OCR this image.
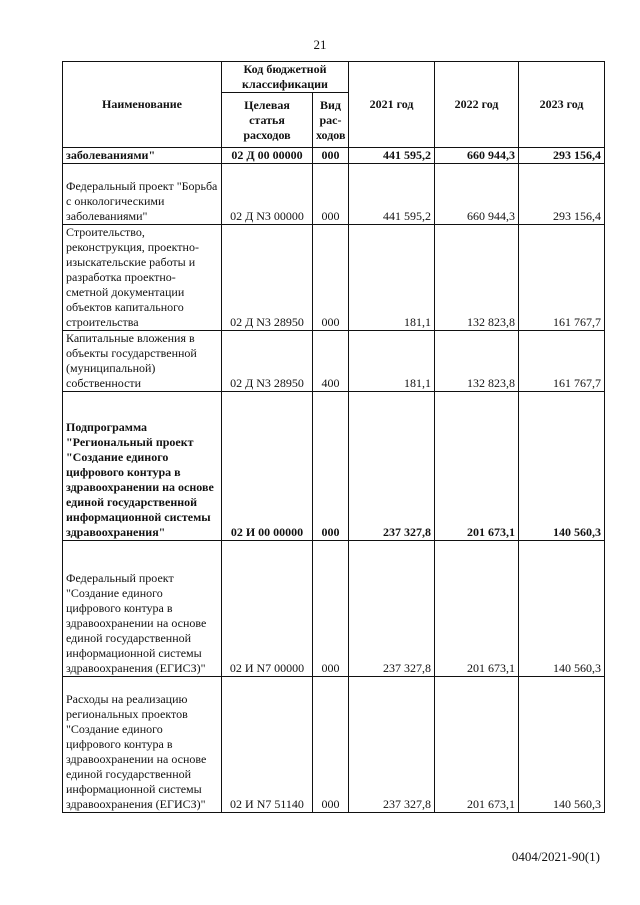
21
Наименование	Код бюджетной классификации		2021 год	2022 год	2023 год
	Целевая статья расходов	Вид рас-ходов			
заболеваниями"	02 Д 00 00000	000	441 595,2	660 944,3	293 156,4
Федеральный проект "Борьба с онкологическими заболеваниями"	02 Д N3 00000	000	441 595,2	660 944,3	293 156,4
Строительство, реконструкция, проектно-изыскательские работы и разработка проектно-сметной документации объектов капитального строительства	02 Д N3 28950	000	181,1	132 823,8	161 767,7
Капитальные вложения в объекты государственной (муниципальной) собственности	02 Д N3 28950	400	181,1	132 823,8	161 767,7
Подпрограмма "Региональный проект "Создание единого цифрового контура в здравоохранении на основе единой государственной информационной системы здравоохранения"	02 И 00 00000	000	237 327,8	201 673,1	140 560,3
Федеральный проект "Создание единого цифрового контура в здравоохранении на основе единой государственной информационной системы здравоохранения (ЕГИСЗ)"	02 И N7 00000	000	237 327,8	201 673,1	140 560,3
Расходы на реализацию региональных проектов "Создание единого цифрового контура в здравоохранении на основе единой государственной информационной системы здравоохранения (ЕГИСЗ)"	02 И N7 51140	000	237 327,8	201 673,1	140 560,3
0404/2021-90(1)
